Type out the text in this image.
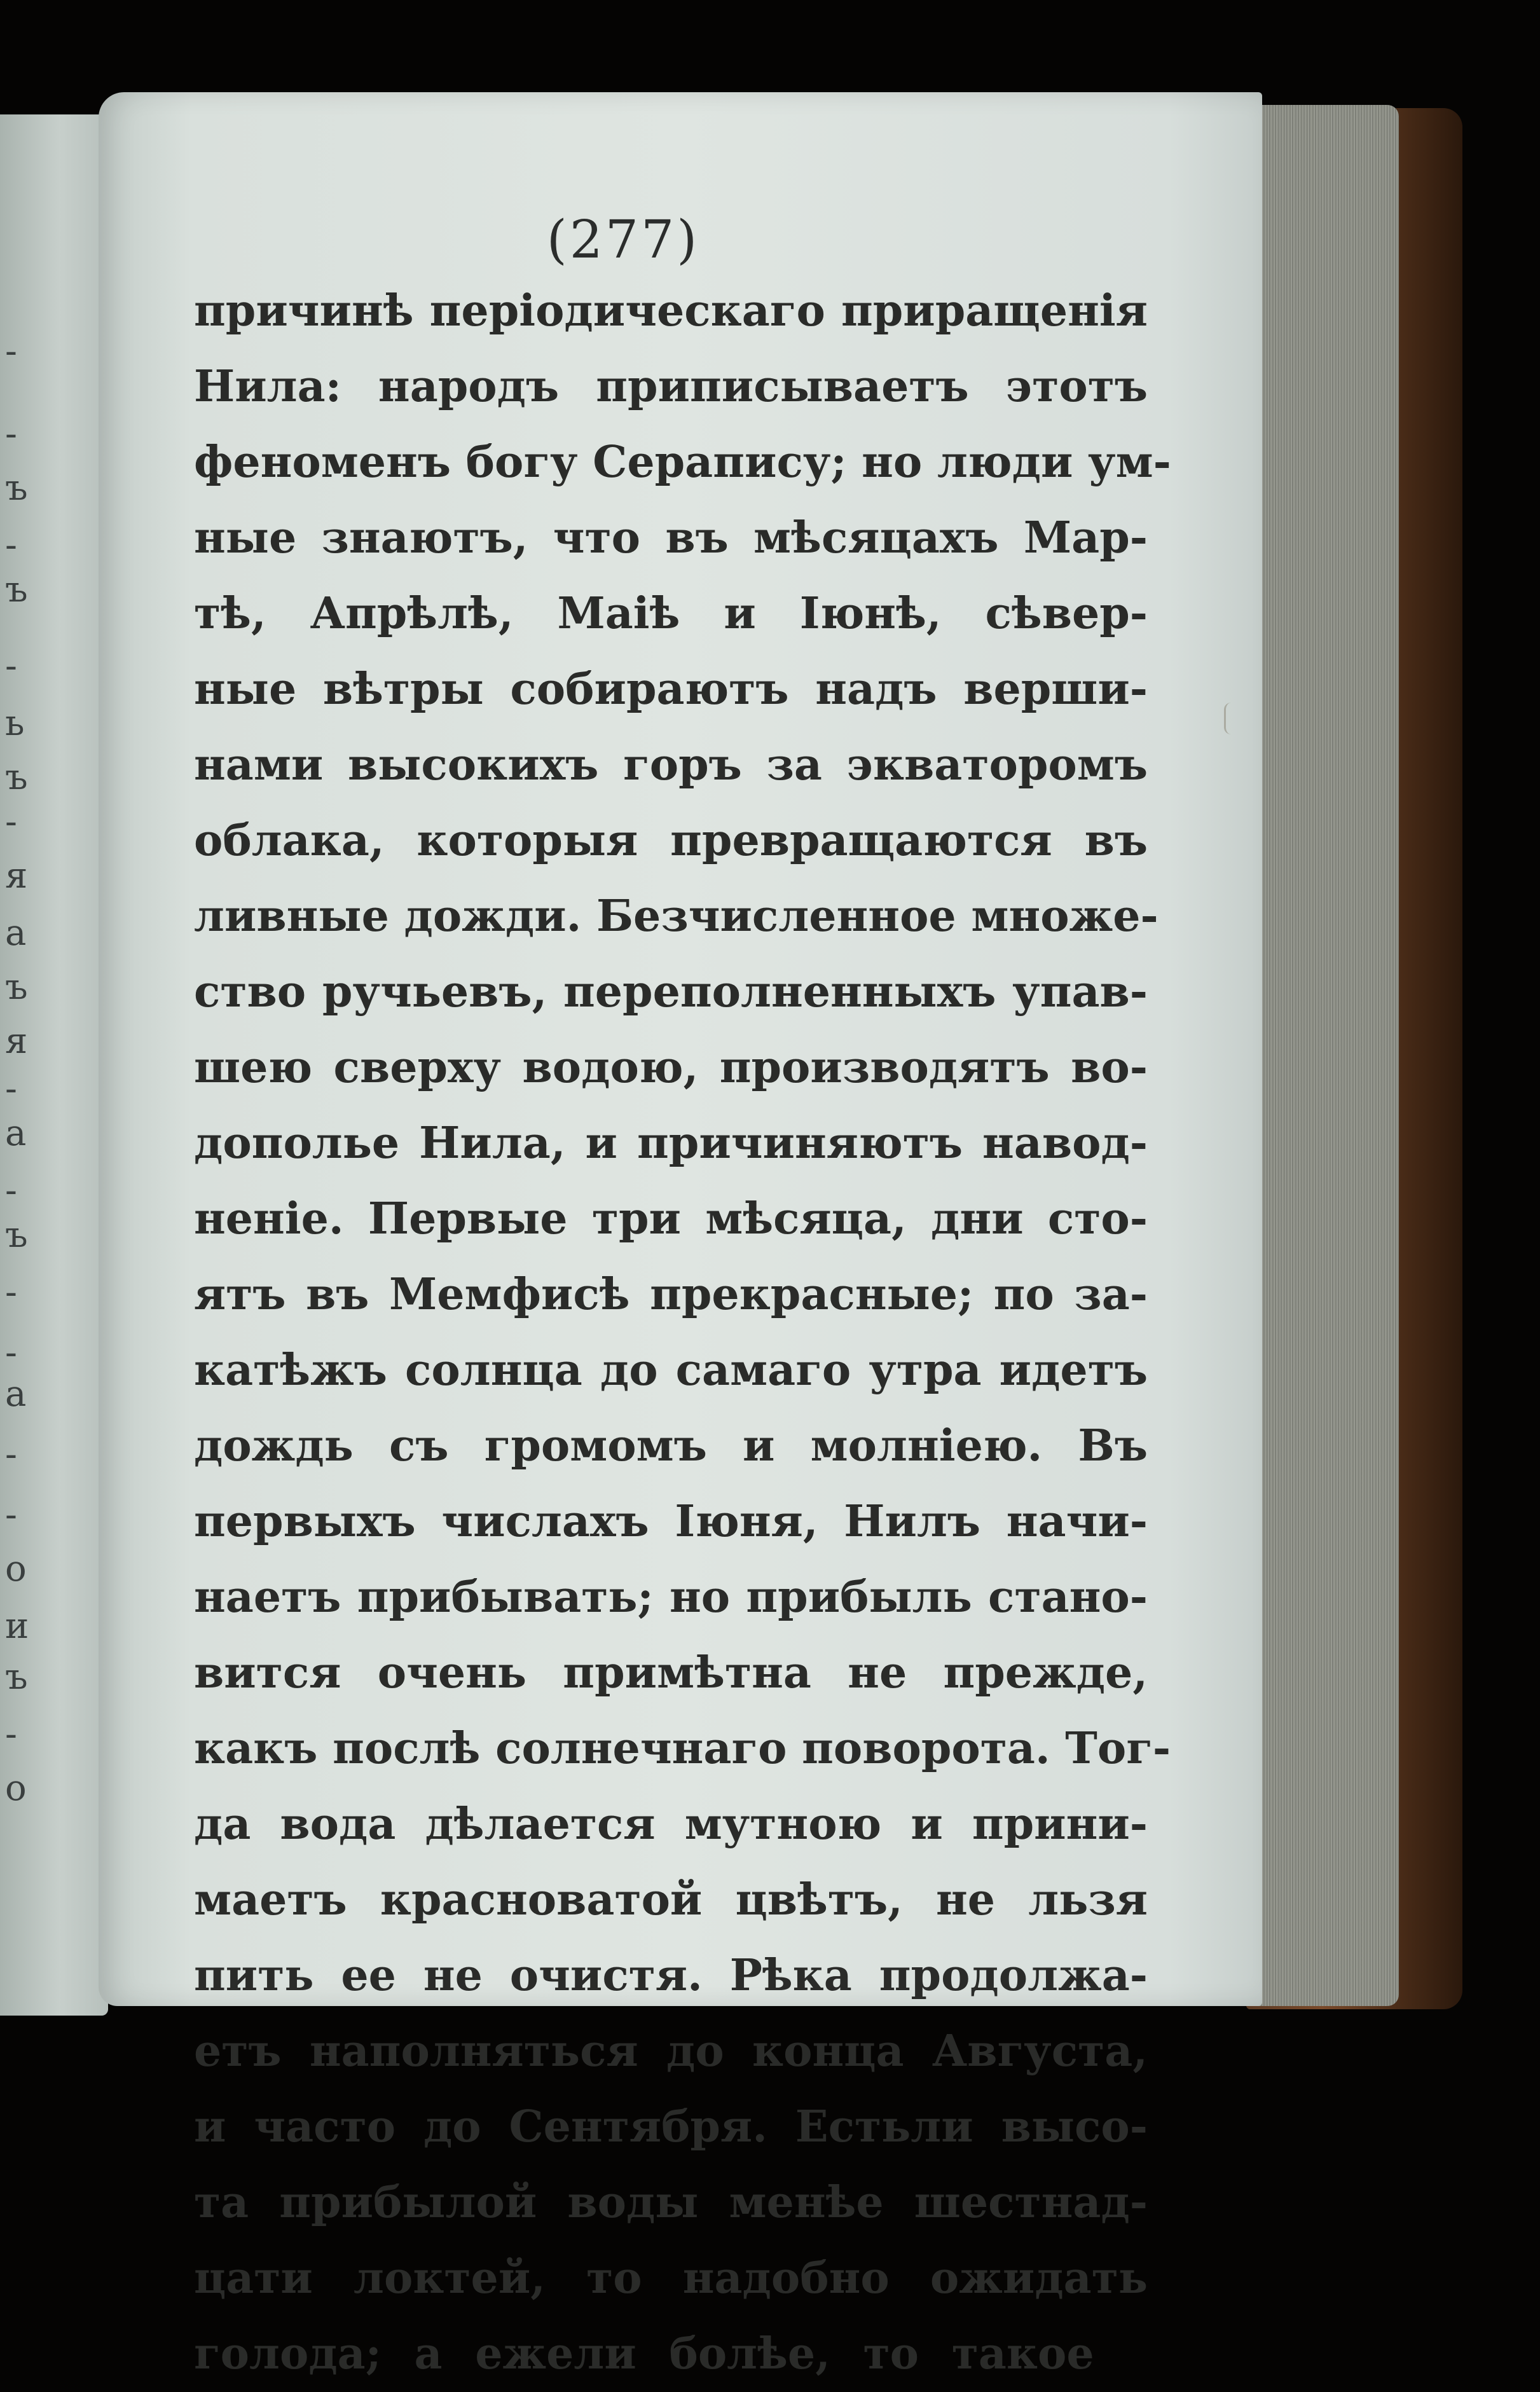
-
-
ъ
-
ъ
-
ь
ъ
-
я
а
ъ
я
-
а
-
ъ
-
-
а
-
-
о
и
ъ
-
о
(277)
причинѣ періодическаго приращенія
Нила: народъ приписываетъ этотъ
феноменъ богу Серапису; но люди ум-
ные знаютъ, что въ мѣсяцахъ Мар-
тѣ, Апрѣлѣ, Маіѣ и Іюнѣ, сѣвер-
ные вѣтры собираютъ надъ верши-
нами высокихъ горъ за экваторомъ
облака, которыя превращаются въ
ливные дожди. Безчисленное множе-
ство ручьевъ, переполненныхъ упав-
шею сверху водою, производятъ во-
дополье Нила, и причиняютъ навод-
неніе. Первые три мѣсяца, дни сто-
ятъ въ Мемфисѣ прекрасные; по за-
катѣжъ солнца до самаго утра идетъ
дождь съ громомъ и молніею. Въ
первыхъ числахъ Іюня, Нилъ начи-
наетъ прибывать; но прибыль стано-
вится очень примѣтна не прежде,
какъ послѣ солнечнаго поворота. Тог-
да вода дѣлается мутною и прини-
маетъ красноватой цвѣтъ, не льзя
пить ее не очистя. Рѣка продолжа-
етъ наполняться до конца Августа,
и часто до Сентября. Естьли высо-
та прибылой воды менѣе шестнад-
цати локтей, то надобно ожидать
голода; а ежели болѣе, то такое
